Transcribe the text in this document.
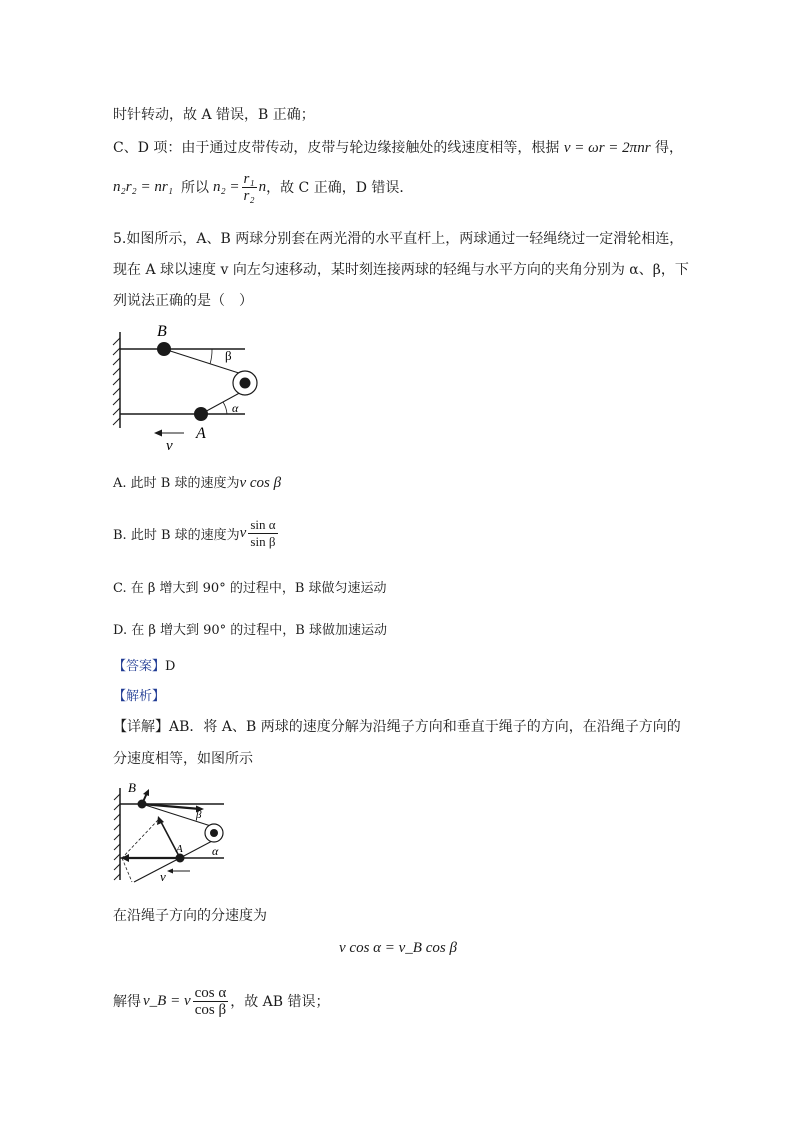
时针转动，故 A 错误，B 正确；
C、D 项：由于通过皮带传动，皮带与轮边缘接触处的线速度相等，根据 v = ωr = 2πnr 得，
n₂r₂ = nr₁ 所以 $n_2 = \frac{\text{r₁}}{\text{r₂}}$ n ，故 C 正确，D 错误．
5.如图所示，A、B 两球分别套在两光滑的水平直杆上，两球通过一轻绳绕过一定滑轮相连，
现在 A 球以速度 v 向左匀速移动，某时刻连接两球的轻绳与水平方向的夹角分别为 α、β，下
列说法正确的是（　）
B
A
v
β
α
A. 此时 B 球的速度为v cos β
B. 此时 B 球的速度为 v $\frac{\text{sin α}}{\text{sin β}}$
C. 在 β 增大到 90° 的过程中，B 球做匀速运动
D. 在 β 增大到 90° 的过程中，B 球做加速运动
【答案】D
【解析】
【详解】AB．将 A、B 两球的速度分解为沿绳子方向和垂直于绳子的方向，在沿绳子方向的
分速度相等，如图所示
B
A
v
β
α
在沿绳子方向的分速度为
v cos α = v_B cos β
解得 v_B = v $\frac{\text{cos α}}{\text{cos β}}$ ，故 AB 错误；
